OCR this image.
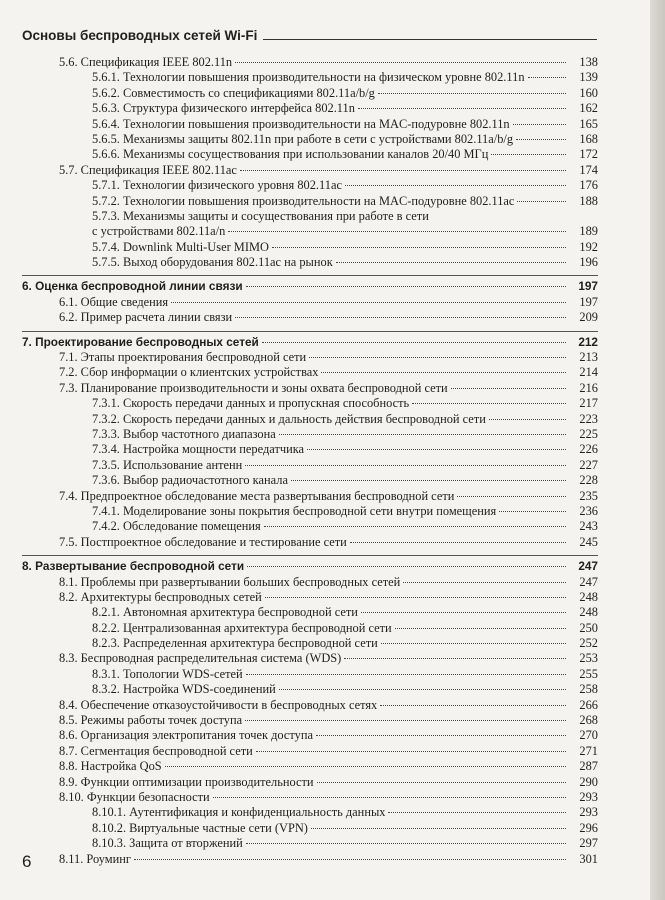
Основы беспроводных сетей Wi-Fi
5.6. Спецификация IEEE 802.11n	138
5.6.1. Технологии повышения производительности на физическом уровне 802.11n	139
5.6.2. Совместимость со спецификациями 802.11a/b/g	160
5.6.3. Структура физического интерфейса 802.11n	162
5.6.4. Технологии повышения производительности на MAC-подуровне 802.11n	165
5.6.5. Механизмы защиты 802.11n при работе в сети с устройствами 802.11a/b/g	168
5.6.6. Механизмы сосуществования при использовании каналов 20/40 МГц	172
5.7. Спецификация IEEE 802.11ac	174
5.7.1. Технологии физического уровня 802.11ac	176
5.7.2. Технологии повышения производительности на MAC-подуровне 802.11ac	188
5.7.3. Механизмы защиты и сосуществования при работе в сети
с устройствами 802.11a/n	189
5.7.4. Downlink Multi-User MIMO	192
5.7.5. Выход оборудования 802.11ac на рынок	196
6. Оценка беспроводной линии связи	197
6.1. Общие сведения	197
6.2. Пример расчета линии связи	209
7. Проектирование беспроводных сетей	212
7.1. Этапы проектирования беспроводной сети	213
7.2. Сбор информации о клиентских устройствах	214
7.3. Планирование производительности и зоны охвата беспроводной сети	216
7.3.1. Скорость передачи данных и пропускная способность	217
7.3.2. Скорость передачи данных и дальность действия беспроводной сети	223
7.3.3. Выбор частотного диапазона	225
7.3.4. Настройка мощности передатчика	226
7.3.5. Использование антенн	227
7.3.6. Выбор радиочастотного канала	228
7.4. Предпроектное обследование места развертывания беспроводной сети	235
7.4.1. Моделирование зоны покрытия беспроводной сети внутри помещения	236
7.4.2. Обследование помещения	243
7.5. Постпроектное обследование и тестирование сети	245
8. Развертывание беспроводной сети	247
8.1. Проблемы при развертывании больших беспроводных сетей	247
8.2. Архитектуры беспроводных сетей	248
8.2.1. Автономная архитектура беспроводной сети	248
8.2.2. Централизованная архитектура беспроводной сети	250
8.2.3. Распределенная архитектура беспроводной сети	252
8.3. Беспроводная распределительная система (WDS)	253
8.3.1. Топологии WDS-сетей	255
8.3.2. Настройка WDS-соединений	258
8.4. Обеспечение отказоустойчивости в беспроводных сетях	266
8.5. Режимы работы точек доступа	268
8.6. Организация электропитания точек доступа	270
8.7. Сегментация беспроводной сети	271
8.8. Настройка QoS	287
8.9. Функции оптимизации производительности	290
8.10. Функции безопасности	293
8.10.1. Аутентификация и конфиденциальность данных	293
8.10.2. Виртуальные частные сети (VPN)	296
8.10.3. Защита от вторжений	297
8.11. Роуминг	301
6
